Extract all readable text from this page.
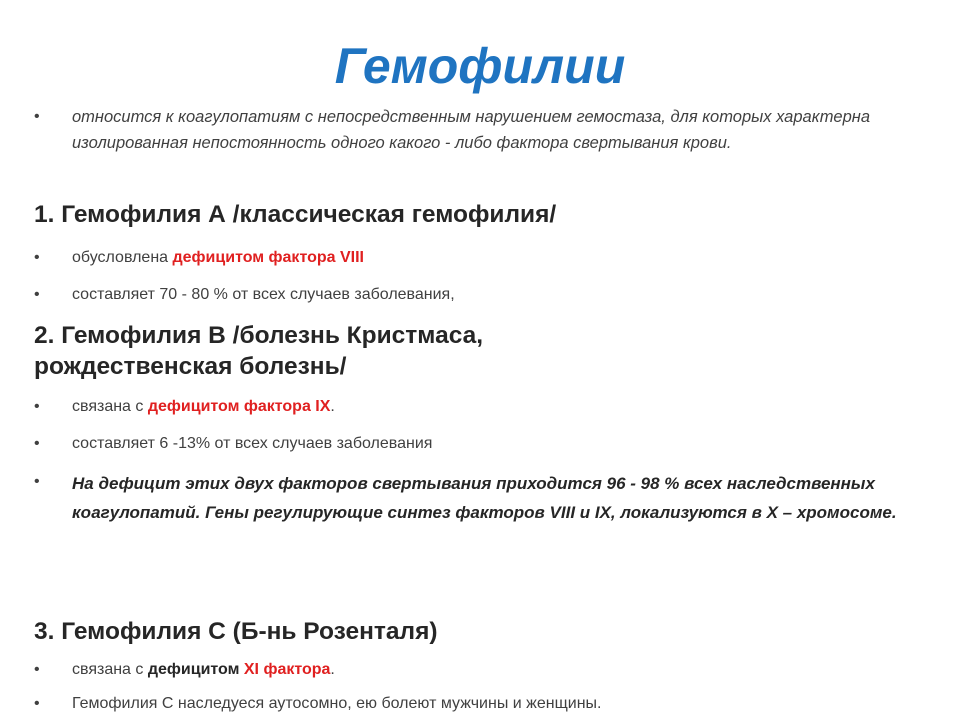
Гемофилии
•	относится к коагулопатиям с непосредственным нарушением гемостаза, для которых характерна изолированная непостоянность одного какого - либо фактора свертывания крови.
1. Гемофилия А /классическая гемофилия/
•	обусловлена дефицитом фактора VIII
•	составляет 70 - 80 % от всех случаев заболевания,
2. Гемофилия В /болезнь Кристмаса,
рождественская болезнь/
•	связана с дефицитом фактора IX.
•	составляет 6 -13% от всех случаев заболевания
•	На дефицит этих двух факторов свертывания приходится 96 - 98 % всех наследственных коагулопатий. Гены регулирующие синтез факторов VIII и IX, локализуются в Х – хромосоме.
3. Гемофилия С (Б-нь Розенталя)
•	связана с дефицитом XI фактора.
•	Гемофилия С наследуеся аутосомно, ею болеют мужчины и женщины.
